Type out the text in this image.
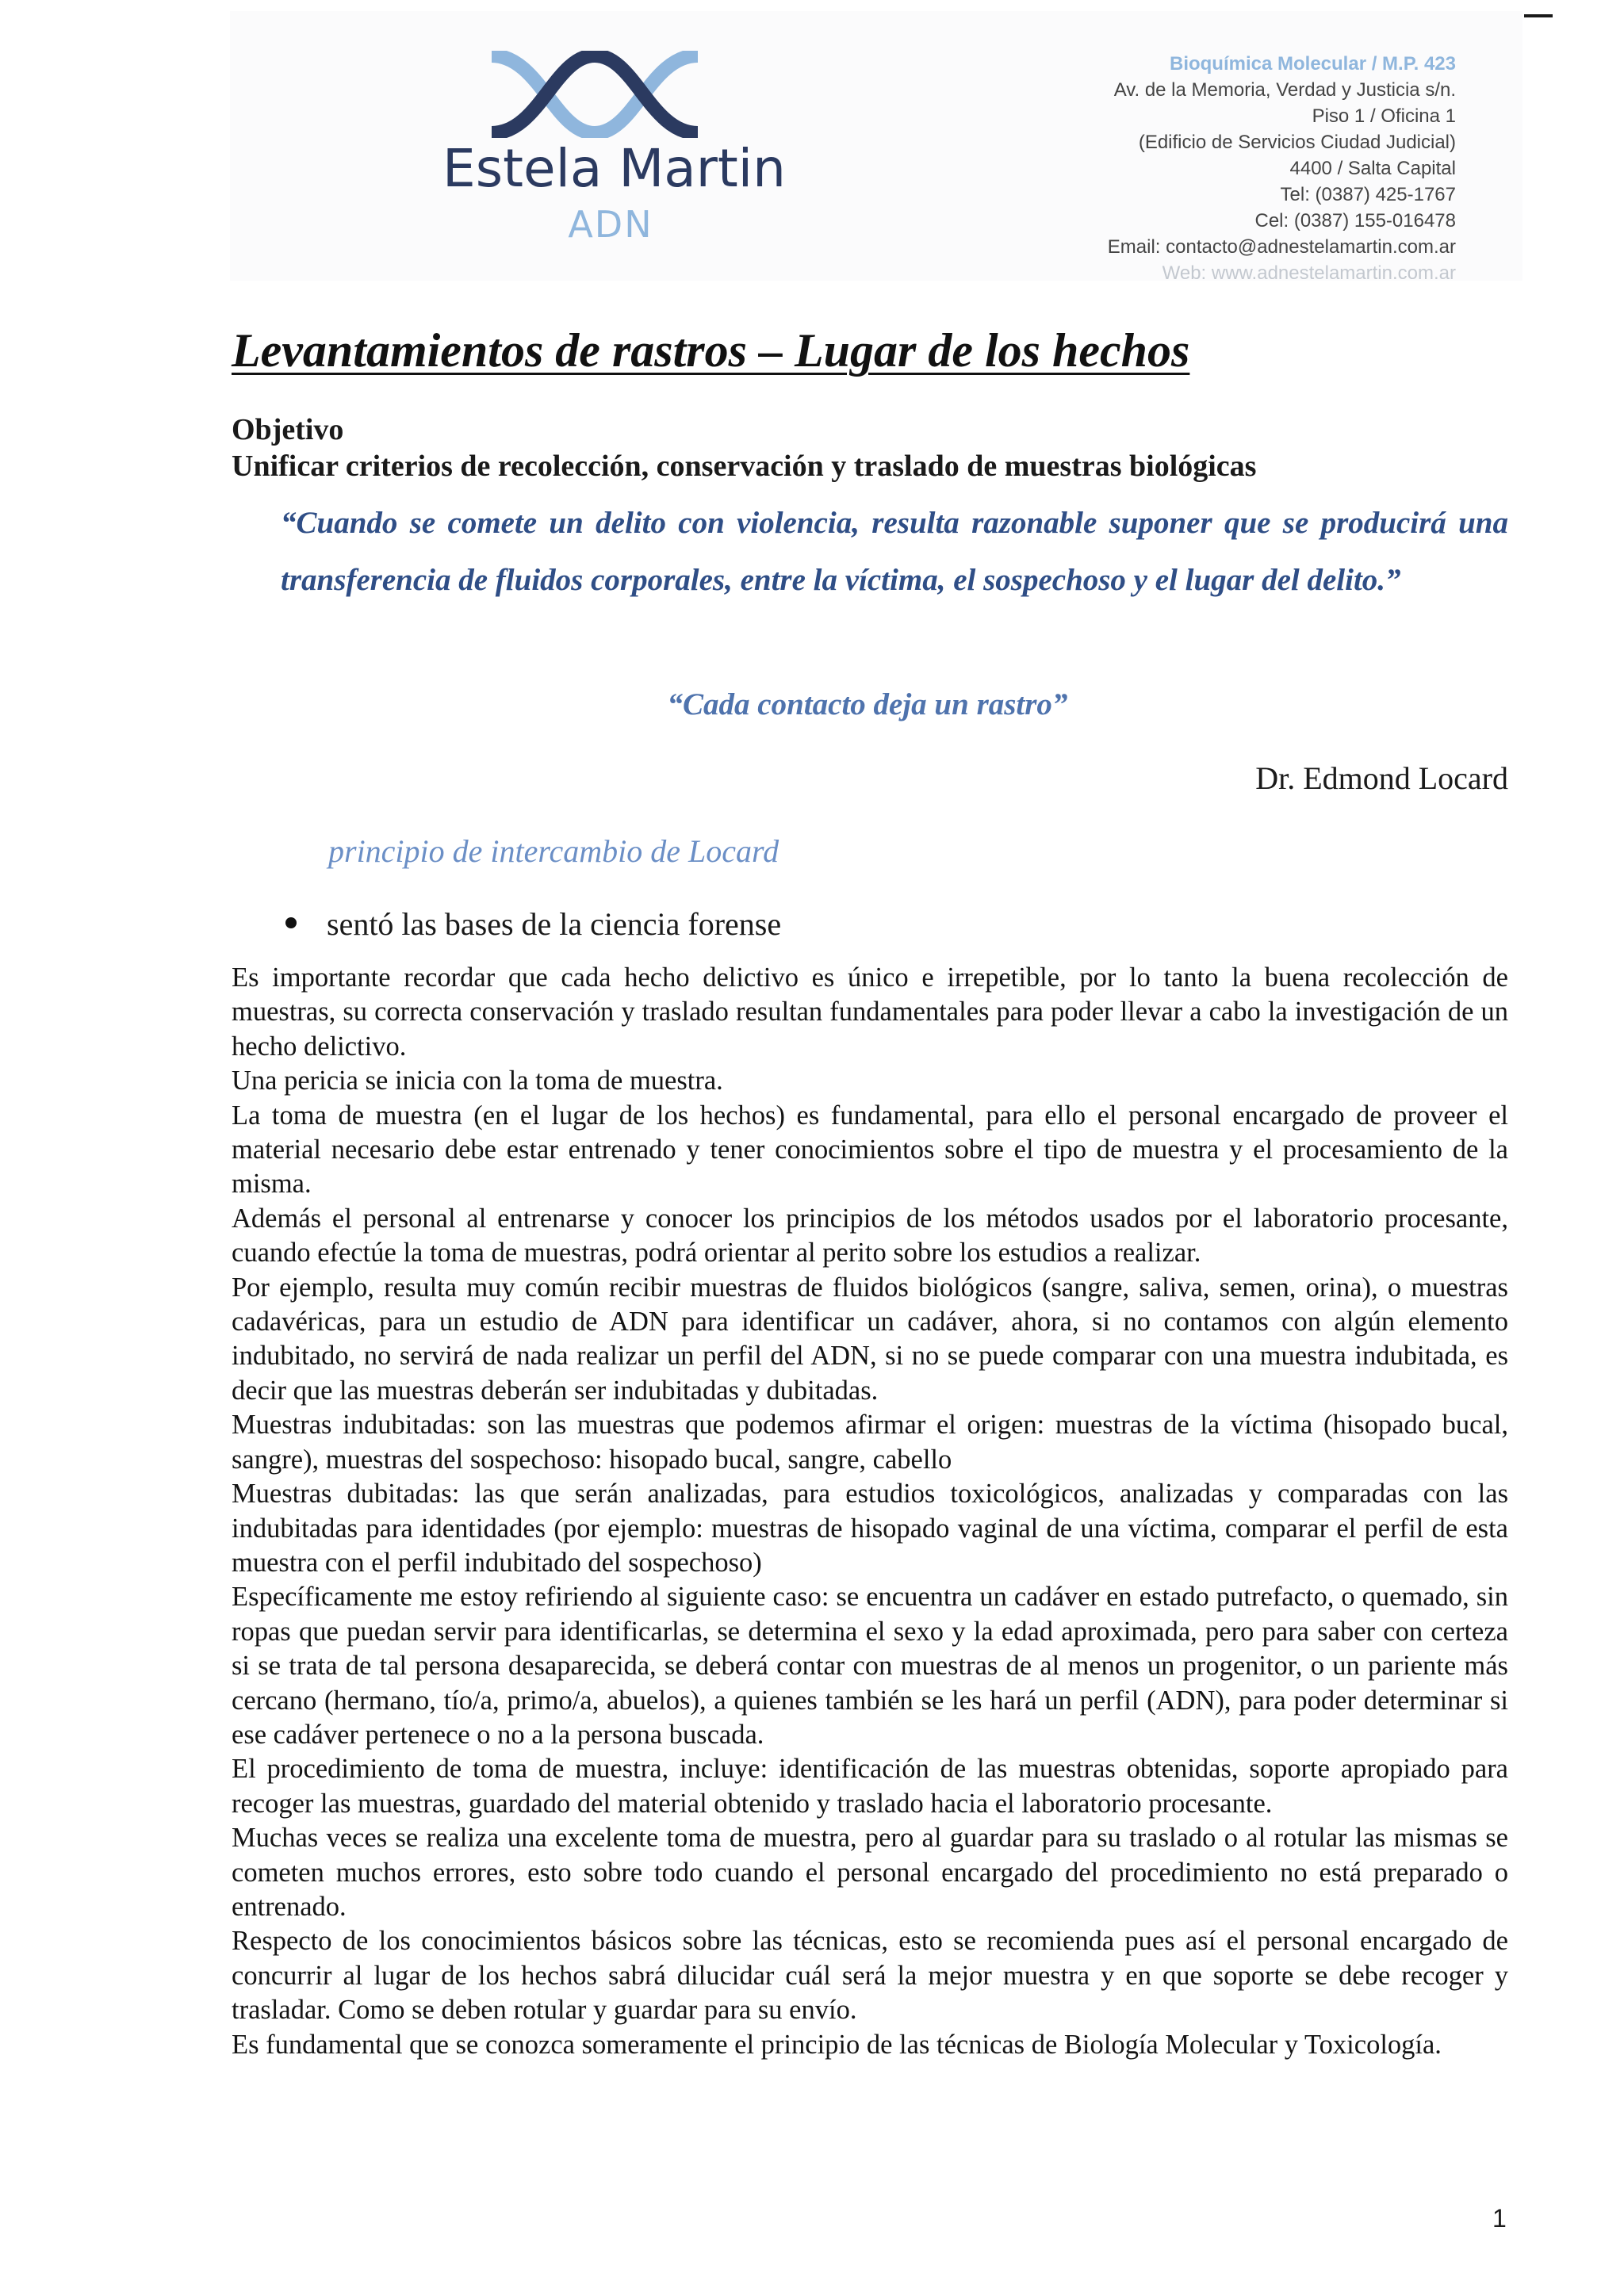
Estela Martin
ADN
Bioquímica Molecular / M.P. 423
Av. de la Memoria, Verdad y Justicia s/n.
Piso 1 / Oficina 1
(Edificio de Servicios Ciudad Judicial)
4400 / Salta Capital
Tel: (0387) 425-1767
Cel: (0387) 155-016478
Email: contacto@adnestelamartin.com.ar
Web: www.adnestelamartin.com.ar
Levantamientos de rastros – Lugar de los hechos
Objetivo
Unificar criterios de recolección, conservación y traslado de muestras biológicas
“Cuando se comete un delito con violencia, resulta razonable suponer que se producirá una transferencia de fluidos corporales, entre la víctima, el sospechoso y el lugar del delito.”
“Cada contacto deja un rastro”
Dr. Edmond Locard
principio de intercambio de Locard
sentó las bases de la ciencia forense

Es importante recordar que cada hecho delictivo es único e irrepetible, por lo tanto la buena recolección de muestras, su correcta conservación y traslado resultan fundamentales para poder llevar a cabo la investigación de un hecho delictivo.

Una pericia se inicia con la toma de muestra.

La toma de muestra (en el lugar de los hechos) es fundamental, para ello el personal encargado de proveer el material necesario debe estar entrenado y tener conocimientos sobre el tipo de muestra y el procesamiento de la misma.

Además el personal al entrenarse y conocer los principios de los métodos usados por el laboratorio procesante, cuando efectúe la toma de muestras, podrá orientar al perito sobre los estudios a realizar.

Por ejemplo, resulta muy común recibir muestras de fluidos biológicos (sangre, saliva, semen, orina), o muestras cadavéricas, para un estudio de ADN para identificar un cadáver, ahora, si no contamos con algún elemento indubitado, no servirá de nada realizar un perfil del ADN, si no se puede comparar con una muestra indubitada, es decir que las muestras deberán ser indubitadas y dubitadas.

Muestras indubitadas: son las muestras que podemos afirmar el origen: muestras de la víctima (hisopado bucal, sangre), muestras del sospechoso: hisopado bucal, sangre, cabello

Muestras dubitadas: las que serán analizadas, para estudios toxicológicos, analizadas y comparadas con las indubitadas para identidades (por ejemplo: muestras de hisopado vaginal de una víctima, comparar el perfil de esta muestra con el perfil indubitado del sospechoso)

Específicamente me estoy refiriendo al siguiente caso: se encuentra un cadáver en estado putrefacto, o quemado, sin ropas que puedan servir para identificarlas, se determina el sexo y la edad aproximada, pero para saber con certeza si se trata de tal persona desaparecida, se deberá contar con muestras de al menos un progenitor, o un pariente más cercano (hermano, tío/a, primo/a, abuelos), a quienes también se les hará un perfil (ADN), para poder determinar si ese cadáver pertenece o no a la persona buscada.

El procedimiento de toma de muestra, incluye: identificación de las muestras obtenidas, soporte apropiado para recoger las muestras, guardado del material obtenido y traslado hacia el laboratorio procesante.

Muchas veces se realiza una excelente toma de muestra, pero al guardar para su traslado o al rotular las mismas se cometen muchos errores, esto sobre todo cuando el personal encargado del procedimiento no está preparado o entrenado.

Respecto de los conocimientos básicos sobre las técnicas, esto se recomienda pues así el personal encargado de concurrir al lugar de los hechos sabrá dilucidar cuál será la mejor muestra y en que soporte se debe recoger y trasladar. Como se deben rotular y guardar para su envío.

Es fundamental que se conozca someramente el principio de las técnicas de Biología Molecular y Toxicología.

1
